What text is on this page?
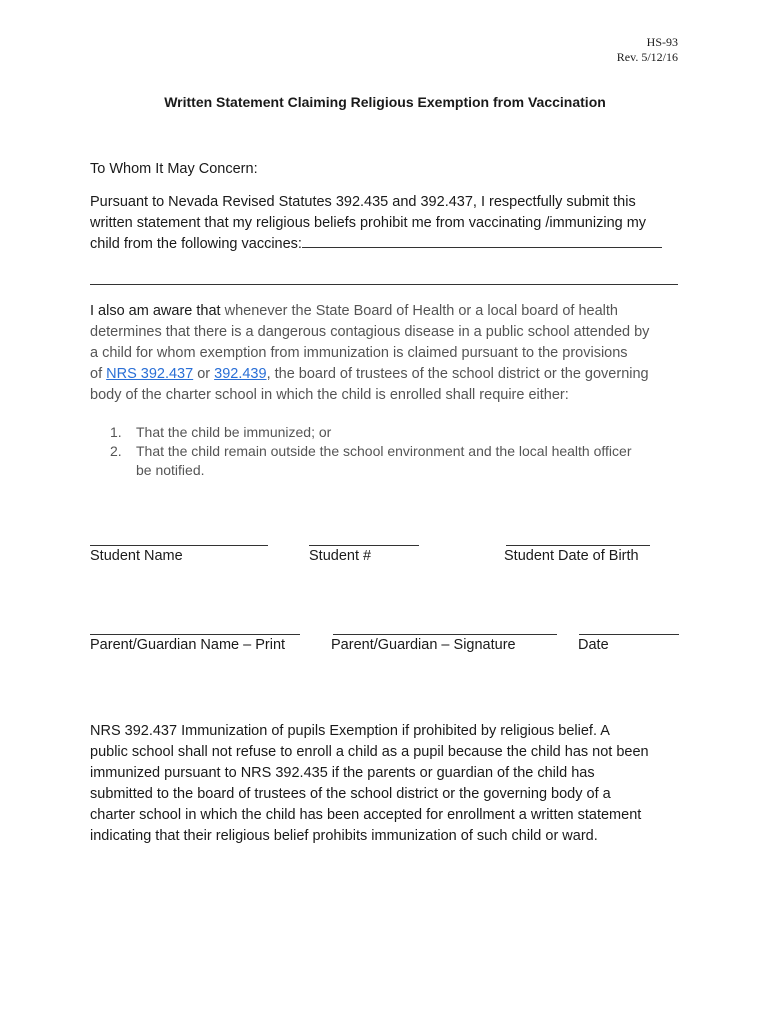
HS-93
Rev. 5/12/16
Written Statement Claiming Religious Exemption from Vaccination
To Whom It May Concern:
Pursuant to Nevada Revised Statutes 392.435 and 392.437, I respectfully submit this
written statement that my religious beliefs prohibit me from vaccinating /immunizing my
child from the following vaccines:
I also am aware that whenever the State Board of Health or a local board of health
determines that there is a dangerous contagious disease in a public school attended by
a child for whom exemption from immunization is claimed pursuant to the provisions
of NRS 392.437 or 392.439, the board of trustees of the school district or the governing
body of the charter school in which the child is enrolled shall require either:
1. That the child be immunized; or
2. That the child remain outside the school environment and the local health officer
be notified.
Student Name	Student #	Student Date of Birth
Parent/Guardian Name – Print	Parent/Guardian – Signature	Date
NRS 392.437 Immunization of pupils Exemption if prohibited by religious belief. A
public school shall not refuse to enroll a child as a pupil because the child has not been
immunized pursuant to NRS 392.435 if the parents or guardian of the child has
submitted to the board of trustees of the school district or the governing body of a
charter school in which the child has been accepted for enrollment a written statement
indicating that their religious belief prohibits immunization of such child or ward.
